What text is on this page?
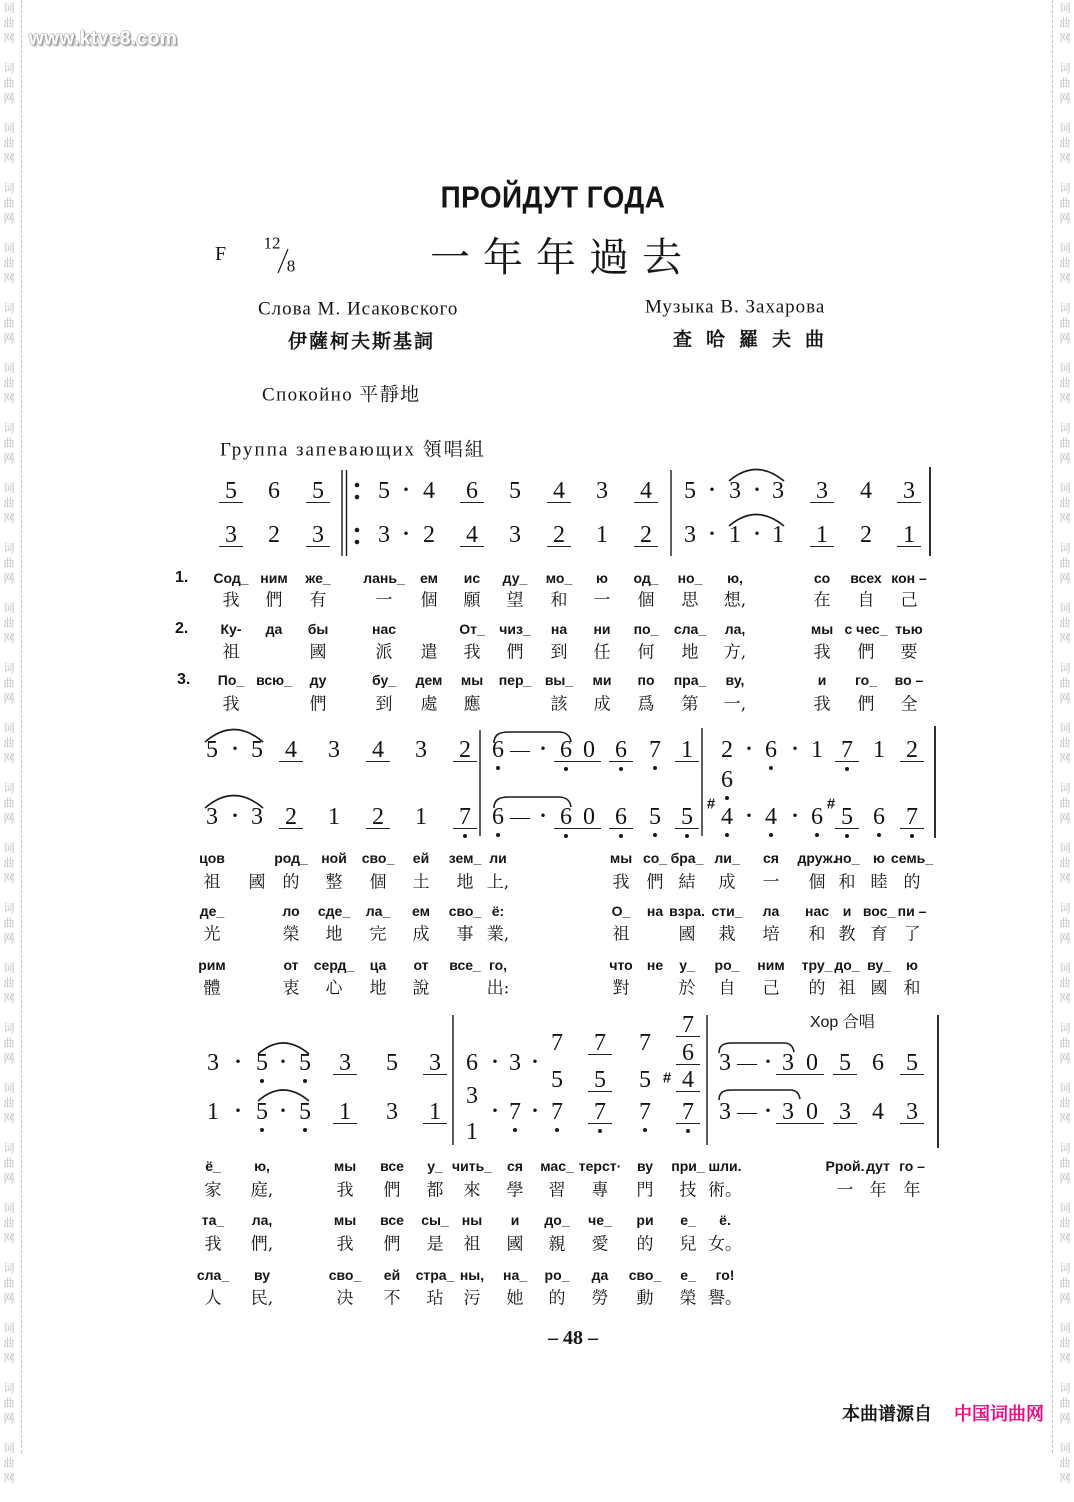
词曲网　词曲网　词曲网　词曲网　词曲网　词曲网　词曲网　词曲网　词曲网　词曲网　词曲网　词曲网　词曲网　词曲网　词曲网　词曲网　词曲网　词曲网　词曲网　词曲网　词曲网　词曲网　词曲网　词曲网　词曲网　	词曲网　词曲网　词曲网　词曲网　词曲网　词曲网　词曲网　词曲网　词曲网　词曲网　词曲网　词曲网　词曲网　词曲网　词曲网　词曲网　词曲网　词曲网　词曲网　词曲网　词曲网　词曲网　词曲网　词曲网　词曲网　
www.ktvc8.com
ПРОЙДУТ ГОДА
F 12
8	一年年過去
Слова М. Исаковского
伊薩柯夫斯基詞
Музыка В. Захарова
查哈羅夫曲
Спокойно 平靜地
Группа запевающих 領唱組
5 6 5 5 • 4 6 5 4 3 4 5 • 3 • 3 3 4 3
3 2 3 3 • 2 4 3 2 1 2 3 • 1 • 1 1 2 1
1.
2.
3.
Сод_ ним же_ лань_ ем ис ду_ мо_ ю од_ но_ ю,	со всех кон –
我 們 有	一 個 願 望 和 一 個 思 想,	在 自 己
Ку- да бы	нас	От_ чиз_ на ни по_ сла_ ла,	мы с чес_ тью
祖	國	派 遣 我 們 到 任 何 地 方,	我 們 要
По_ всю_ ду	бу_ дем мы пер_ вы_ ми по пра_ ву,	и го_ во –
我	們	到 處 應	該 成 爲 第 一,	我 們 全
5 • 5 4 3 4 3 2 6 — • 6 0 6 7 1 2 • 6 • 1 7 1 2
6
3 • 3 2 1 2 1 7 6 — • 6 0 6 5 5 # 4 • 4 • 6 # 5 6 7
цов	род_ ной сво_ ей зем_ ли	мы со_ бра_ ли_ ся друж.
но_ ю семь_
祖 國 的 整 個 土 地 上,	我 們 結 成 一 個 和 睦 的
де_	ло сде_ ла_ ем сво_ ё:	О_ на взра. сти_ ла нас и вос_ пи –
光	榮 地 完 成 事 業,	祖	國 栽 培 和 教 育 了
рим	от серд_ ца от все_ го,	что не у_ ро_ ним тру_ до_ ву_ ю
體	衷 心 地 說	出:	對	於 自 己 的 祖 國 和
Хор 合唱
7
7 7 7 6
3 • 5 • 5 3 5 3 6 • 3 •	3 — • 3 0 5 6 5
5 5 5 # 4
3
1 • 5 • 5 1 3 1	• 7 • 7 7 7 7 3 — • 3 0 3 4 3
1
ё_ ю,	мы все у_ чить_ ся мас_ терст· ву при_ шли.	Ррой. дут го –
家 庭,	我 們 都 來 學 習 專 門 技 術。	一 年 年
та_ ла,	мы все сы_ ны и до_ че_ ри е_ ё.
我 們,	我 們 是 祖 國 親 愛 的 兒 女。
сла_ ву	сво_ ей стра_ ны, на_ ро_ да сво_ е_ го!
人 民,	决 不 玷 污 她 的 勞 動 榮 譽。
– 48 –
本曲谱源自 中国词曲网
